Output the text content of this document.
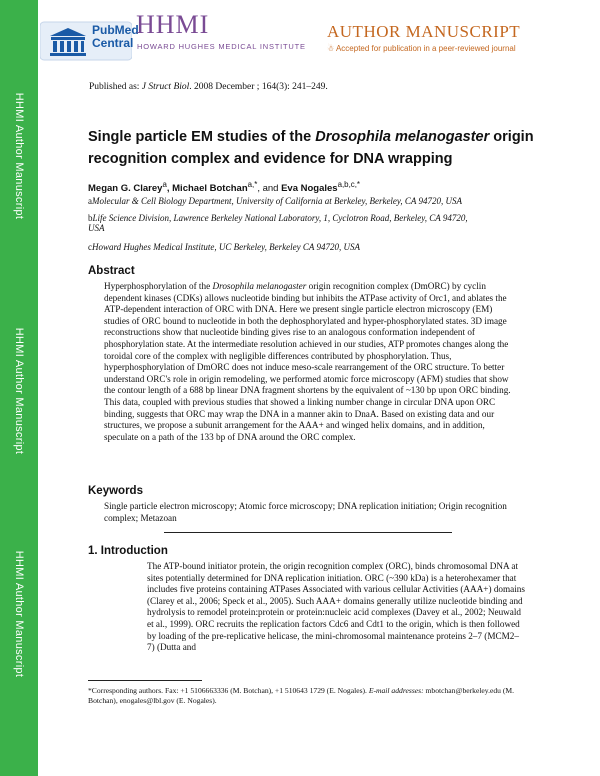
HHMI Author Manuscript
HHMI Author Manuscript
HHMI Author Manuscript
PubMed
Central
HHMI
HOWARD HUGHES MEDICAL INSTITUTE
AUTHOR MANUSCRIPT
☃ Accepted for publication in a peer-reviewed journal
Published as: J Struct Biol. 2008 December ; 164(3): 241–249.
Single particle EM studies of the Drosophila melanogaster origin recognition complex and evidence for DNA wrapping
Megan G. Clarey$^a$, Michael Botchan$^{a,*}$, and Eva Nogales$^{a,b,c,*}$
aMolecular & Cell Biology Department, University of California at Berkeley, Berkeley, CA 94720, USA
bLife Science Division, Lawrence Berkeley National Laboratory, 1, Cyclotron Road, Berkeley, CA 94720,
USA
cHoward Hughes Medical Institute, UC Berkeley, Berkeley CA 94720, USA
Abstract
Hyperphosphorylation of the Drosophila melanogaster origin recognition complex (DmORC) by cyclin dependent kinases (CDKs) allows nucleotide binding but inhibits the ATPase activity of Orc1, and ablates the ATP-dependent interaction of ORC with DNA. Here we present single particle electron microscopy (EM) studies of ORC bound to nucleotide in both the dephosphorylated and hyper-phosphorylated states. 3D image reconstructions show that nucleotide binding gives rise to an analogous conformation independent of phosphorylation state. At the intermediate resolution achieved in our studies, ATP promotes changes along the toroidal core of the complex with negligible differences contributed by phosphorylation. Thus, hyperphosphorylation of DmORC does not induce meso-scale rearrangement of the ORC structure. To better understand ORC's role in origin remodeling, we performed atomic force microscopy (AFM) studies that show the contour length of a 688 bp linear DNA fragment shortens by the equivalent of ~130 bp upon ORC binding. This data, coupled with previous studies that showed a linking number change in circular DNA upon ORC binding, suggests that ORC may wrap the DNA in a manner akin to DnaA. Based on existing data and our structures, we propose a subunit arrangement for the AAA+ and winged helix domains, and in addition, speculate on a path of the 133 bp of DNA around the ORC complex.
Keywords
Single particle electron microscopy; Atomic force microscopy; DNA replication initiation; Origin recognition complex; Metazoan
1. Introduction
The ATP-bound initiator protein, the origin recognition complex (ORC), binds chromosomal DNA at sites potentially determined for DNA replication initiation. ORC (~390 kDa) is a heterohexamer that includes five proteins containing ATPases Associated with various cellular Activities (AAA+) domains (Clarey et al., 2006; Speck et al., 2005). Such AAA+ domains generally utilize nucleotide binding and hydrolysis to remodel protein:protein or protein:nucleic acid complexes (Davey et al., 2002; Neuwald et al., 1999). ORC recruits the replication factors Cdc6 and Cdt1 to the origin, which is then followed by loading of the pre-replicative helicase, the mini-chromosomal maintenance proteins 2–7 (MCM2–7) (Dutta and
*Corresponding authors. Fax: +1 5106663336 (M. Botchan), +1 510643 1729 (E. Nogales). E-mail addresses: mbotchan@berkeley.edu (M. Botchan), enogales@lbl.gov (E. Nogales).
